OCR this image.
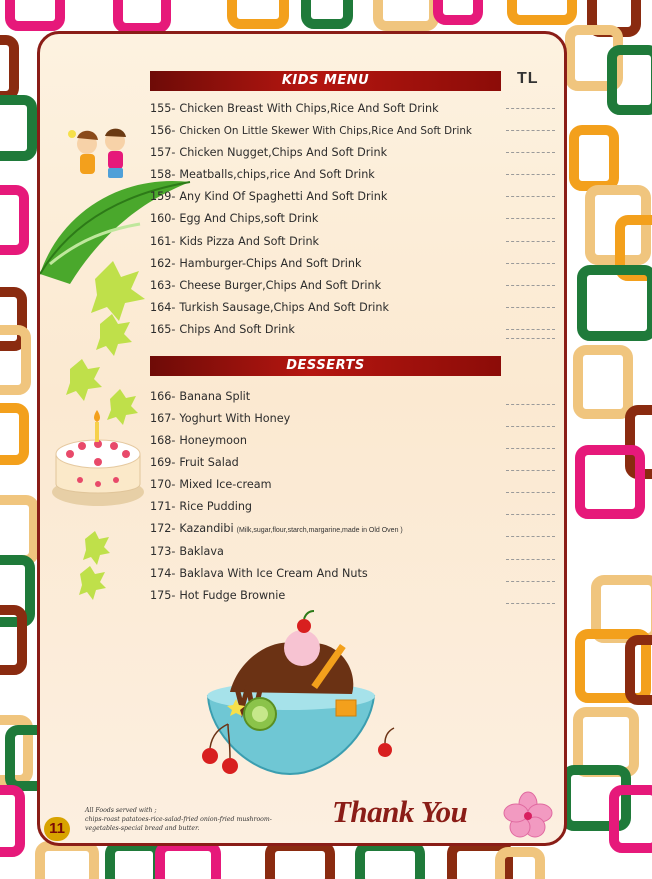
KIDS MENU	TL
155- Chicken Breast With Chips,Rice And Soft Drink
156- Chicken On Little Skewer With Chips,Rice And Soft Drink
157- Chicken Nugget,Chips And Soft Drink
158- Meatballs,chips,rice And Soft Drink
159- Any Kind Of Spaghetti And Soft Drink
160- Egg And Chips,soft Drink
161- Kids Pizza And Soft Drink
162- Hamburger-Chips And Soft Drink
163- Cheese Burger,Chips And Soft Drink
164- Turkish Sausage,Chips And Soft Drink
165- Chips And Soft Drink
DESSERTS
166- Banana Split
167- Yoghurt With Honey
168- Honeymoon
169- Fruit Salad
170- Mixed Ice-cream
171- Rice Pudding
172- Kazandibi (Milk,sugar,flour,starch,margarine,made in Old Oven )
173- Baklava
174- Baklava With Ice Cream And Nuts
175- Hot Fudge Brownie
All Foods served with ;
chips-roast patatoes-rice-salad-fried onion-fried mushroom-
vegetables-special bread and butter.
11	Thank You
